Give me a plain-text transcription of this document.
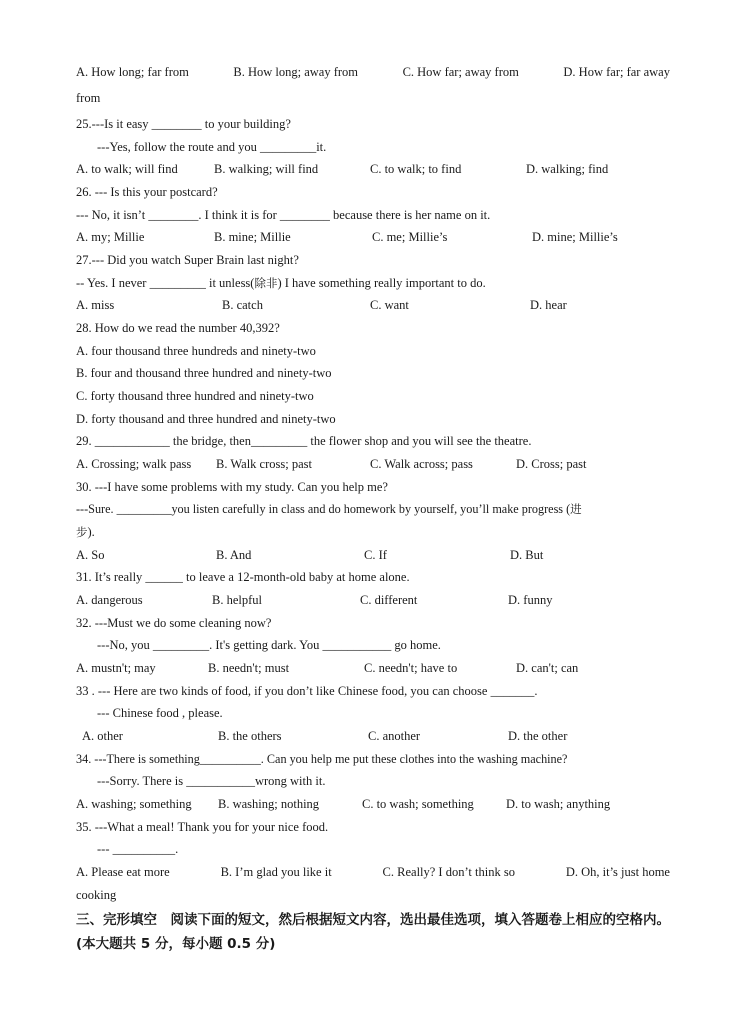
A. How long; far from	B. How long; away from	C. How far; away from	D. How far; far away
from
25.---Is it easy ________ to your building?
---Yes, follow the route and you _________it.
A. to walk; will find	B. walking; will find	C. to walk; to find	D. walking; find
26. --- Is this your postcard?
--- No, it isn’t ________. I think it is for ________ because there is her name on it.
A. my; Millie	B. mine; Millie	C. me; Millie’s	D. mine; Millie’s
27.--- Did you watch Super Brain last night?
-- Yes. I never _________ it unless(除非) I have something really important to do.
A. miss	B. catch	C. want	D. hear
28. How do we read the number 40,392?
A. four thousand three hundreds and ninety-two
B. four and thousand three hundred and ninety-two
C. forty thousand three hundred and ninety-two
D. forty thousand and three hundred and ninety-two
29. ____________ the bridge, then_________ the flower shop and you will see the theatre.
A. Crossing; walk pass B. Walk cross; past	C. Walk across; pass	D. Cross; past
30. ---I have some problems with my study. Can you help me?
---Sure. _________you listen carefully in class and do homework by yourself, you’ll make progress (进
步).
A. So	B. And	C. If	D. But
31. It’s really ______ to leave a 12-month-old baby at home alone.
A. dangerous	B. helpful	C. different	D. funny
32. ---Must we do some cleaning now?
---No, you _________. It's getting dark. You ___________ go home.
A. mustn't; may	B. needn't; must	C. needn't; have to	D. can't; can
33 . --- Here are two kinds of food, if you don’t like Chinese food, you can choose _______.
--- Chinese food , please.
A. other	B. the others	C. another	D. the other
34. ---There is something__________. Can you help me put these clothes into the washing machine?
---Sorry. There is ___________wrong with it.
A. washing; something B. washing; nothing	C. to wash; something	D. to wash; anything
35. ---What a meal! Thank you for your nice food.
--- __________.
A. Please eat more	B. I’m glad you like it	C. Really? I don’t think so	D. Oh, it’s just home
cooking
三、完形填空　阅读下面的短文，然后根据短文内容，选出最佳选项，填入答题卷上相应的空格内。(本大题共 5 分，每小题 0.5 分)
